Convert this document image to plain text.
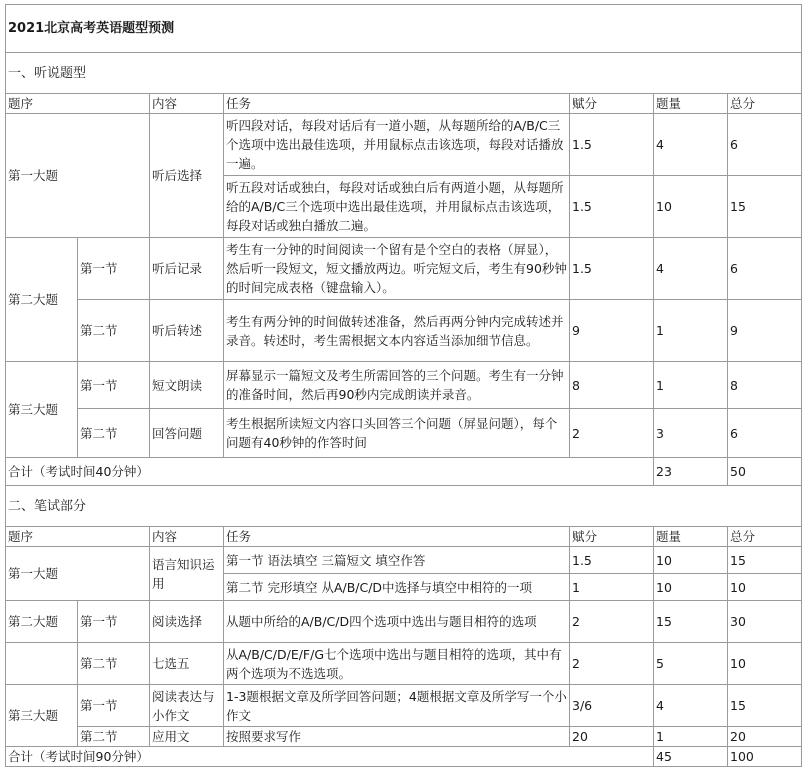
2021北京高考英语题型预测						
一、听说题型						
题序		内容	任务	赋分	题量	总分
第一大题		听后选择	听四段对话，每段对话后有一道小题，从每题所给的A/B/C三个选项中选出最佳选项，并用鼠标点击该选项，每段对话播放一遍。	1.5	4	6
			听五段对话或独白，每段对话或独白后有两道小题，从每题所给的A/B/C三个选项中选出最佳选项，并用鼠标点击该选项，每段对话或独白播放二遍。	1.5	10	15
第二大题	第一节	听后记录	考生有一分钟的时间阅读一个留有是个空白的表格（屏显），然后听一段短文，短文播放两边。听完短文后，考生有90秒钟的时间完成表格（键盘输入）。	1.5	4	6
	第二节	听后转述	考生有两分钟的时间做转述准备，然后再两分钟内完成转述并录音。转述时，考生需根据文本内容适当添加细节信息。	9	1	9
第三大题	第一节	短文朗读	屏幕显示一篇短文及考生所需回答的三个问题。考生有一分钟的准备时间，然后再90秒内完成朗读并录音。	8	1	8
	第二节	回答问题	考生根据所读短文内容口头回答三个问题（屏显问题），每个问题有40秒钟的作答时间	2	3	6
合计（考试时间40分钟）					23	50
二、笔试部分						
题序		内容	任务	赋分	题量	总分
第一大题		语言知识运用	第一节 语法填空 三篇短文 填空作答	1.5	10	15
			第二节 完形填空 从A/B/C/D中选择与填空中相符的一项	1	10	10
第二大题	第一节	阅读选择	从题中所给的A/B/C/D四个选项中选出与题目相符的选项	2	15	30
	第二节	七选五	从A/B/C/D/E/F/G七个选项中选出与题目相符的选项，其中有两个选项为不选选项。	2	5	10
第三大题	第一节	阅读表达与小作文	1-3题根据文章及所学回答问题；4题根据文章及所学写一个小作文	3/6	4	15
	第二节	应用文	按照要求写作	20	1	20
合计（考试时间90分钟）					45	100
